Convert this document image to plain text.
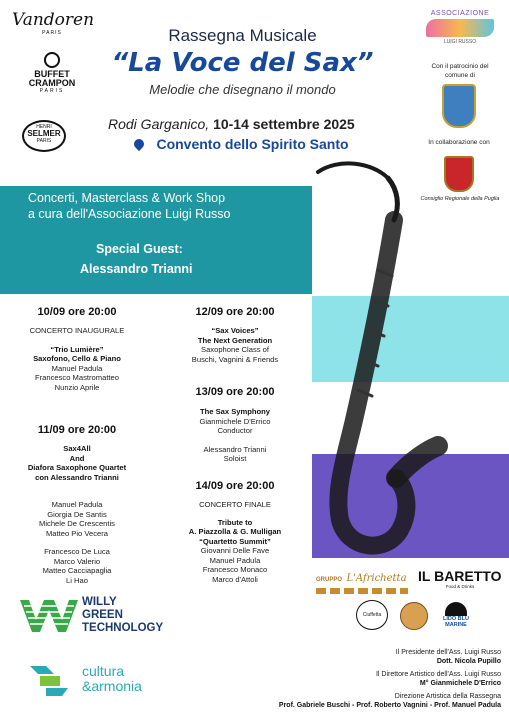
Vandoren
PARIS
BUFFET
CRAMPON
PARIS
HENRI
SELMER
PARIS
Rassegna Musicale
“La Voce del Sax”
Melodie che disegnano il mondo
Rodi Garganico, 10-14 settembre 2025
Convento dello Spirito Santo
ASSOCIAZIONE
LUIGI RUSSO
Con il patrocinio del comune di
In collaborazione con
Consiglio Regionale della Puglia
Concerti, Masterclass & Work Shop
a cura dell'Associazione Luigi Russo
Special Guest:
Alessandro Trianni
10/09 ore 20:00
CONCERTO INAUGURALE
“Trio Lumière”
Saxofono, Cello & Piano
Manuel Padula
Francesco Mastromatteo
Nunzio Aprile
11/09 ore 20:00
Sax4All
And
Diafora Saxophone Quartet
con Alessandro Trianni
Manuel Padula
Giorgia De Santis
Michele De Crescentis
Matteo Pio Vecera
Francesco De Luca
Marco Valerio
Matteo Cacciapaglia
Li Hao
12/09 ore 20:00
“Sax Voices”
The Next Generation
Saxophone Class of
Buschi, Vagnini & Friends
13/09 ore 20:00
The Sax Symphony
Gianmichele D'Errico
Conductor
Alessandro Trianni
Soloist
14/09 ore 20:00
CONCERTO FINALE
Tribute to
A. Piazzolla & G. Mulligan
“Quartetto Summit”
Giovanni Delle Fave
Manuel Padula
Francesco Monaco
Marco d'Attoli
WILLY
GREEN
TECHNOLOGY
cultura
&armonia
GRUPPO L'Africhetta IL BARETTO
Food & Drinks
Ciuffetta
LIDO BLU
MARINE
Il Presidente dell'Ass. Luigi Russo
Dott. Nicola Pupillo
Il Direttore Artistico dell'Ass. Luigi Russo
M° Gianmichele D'Errico
Direzione Artistica della Rassegna
Prof. Gabriele Buschi - Prof. Roberto Vagnini - Prof. Manuel Padula
